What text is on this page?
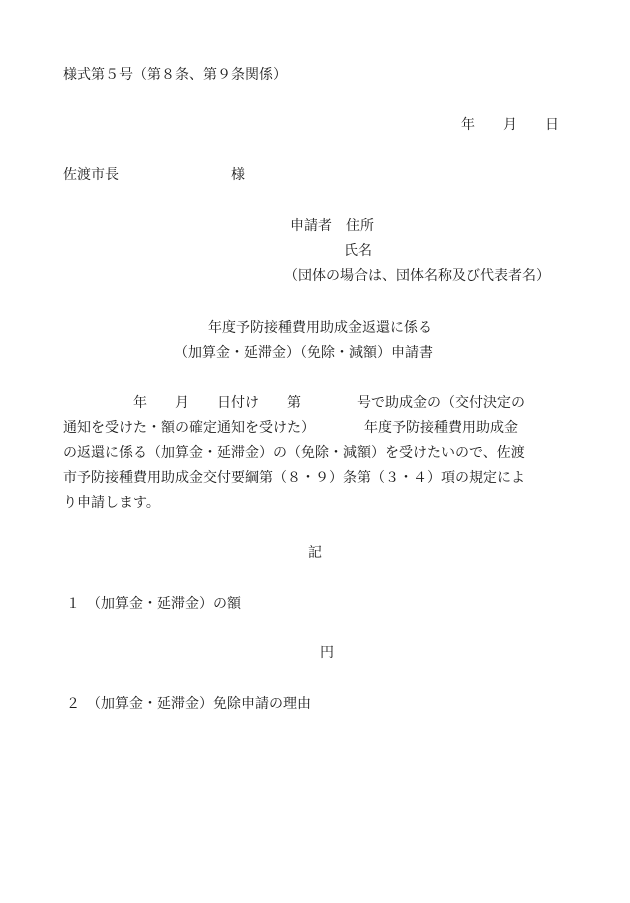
様式第５号（第８条、第９条関係）
年　　月　　日
佐渡市長　　　　　　　　様
申請者　住所
氏名
（団体の場合は、団体名称及び代表者名）
年度予防接種費用助成金返還に係る
（加算金・延滞金）（免除・減額）申請書
　　　　　年　　月　　日付け　　第　　　　号で助成金の（交付決定の
通知を受けた・額の確定通知を受けた）　　　　年度予防接種費用助成金
の返還に係る（加算金・延滞金）の（免除・減額）を受けたいので、佐渡
市予防接種費用助成金交付要綱第（８・９）条第（３・４）項の規定によ
り申請します。
記
１　（加算金・延滞金）の額
円
２　（加算金・延滞金）免除申請の理由
